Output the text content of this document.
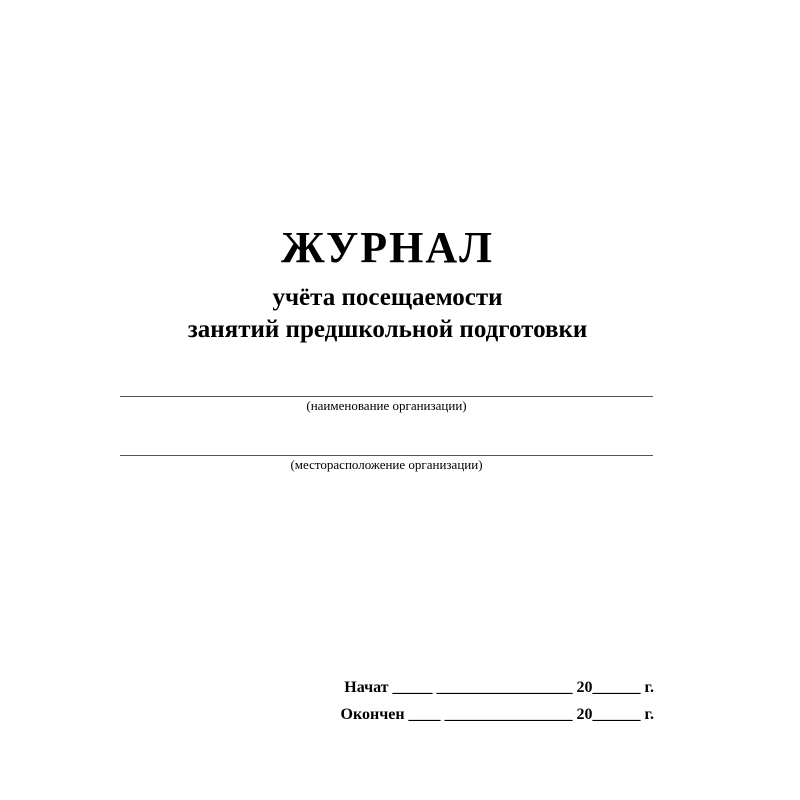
ЖУРНАЛ
учёта посещаемости
занятий предшкольной подготовки
(наименование организации)
(месторасположение организации)
Начат _____ _________________ 20______ г.
Окончен ____ ________________ 20______ г.
